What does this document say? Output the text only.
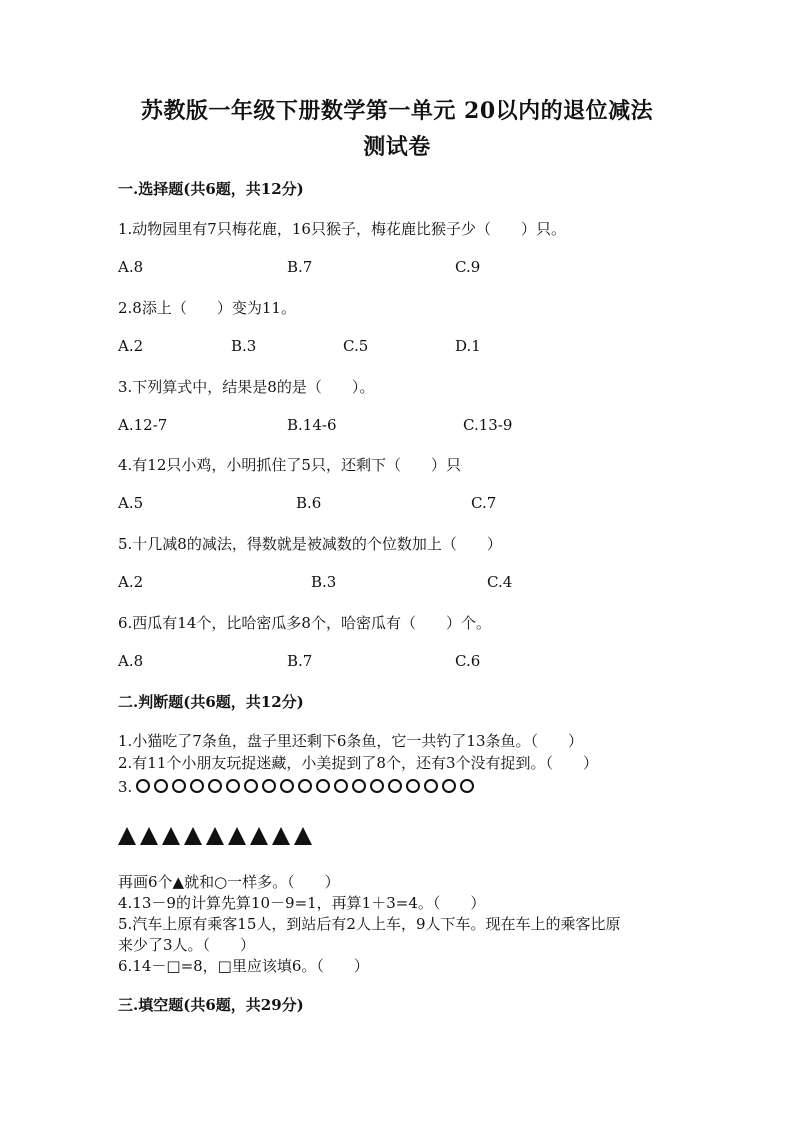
苏教版一年级下册数学第一单元 20以内的退位减法
测试卷
一.选择题(共6题，共12分)
1.动物园里有7只梅花鹿，16只猴子，梅花鹿比猴子少（　　）只。
A.8	B.7	C.9
2.8添上（　　）变为11。
A.2	B.3	C.5	D.1
3.下列算式中，结果是8的是（　　）。
A.12-7	B.14-6	C.13-9
4.有12只小鸡，小明抓住了5只，还剩下（　　）只
A.5	B.6	C.7
5.十几减8的减法，得数就是被减数的个位数加上（　　）
A.2	B.3	C.4
6.西瓜有14个，比哈密瓜多8个，哈密瓜有（　　）个。
A.8	B.7	C.6
二.判断题(共6题，共12分)
1.小猫吃了7条鱼，盘子里还剩下6条鱼，它一共钓了13条鱼。（　　）
2.有11个小朋友玩捉迷藏，小美捉到了8个，还有3个没有捉到。（　　）
3.
再画6个▲就和○一样多。（　　）
4.13－9的计算先算10－9=1，再算1＋3=4。（　　）
5.汽车上原有乘客15人，到站后有2人上车，9人下车。现在车上的乘客比原
来少了3人。（　　）
6.14－□=8，□里应该填6。（　　）
三.填空题(共6题，共29分)
